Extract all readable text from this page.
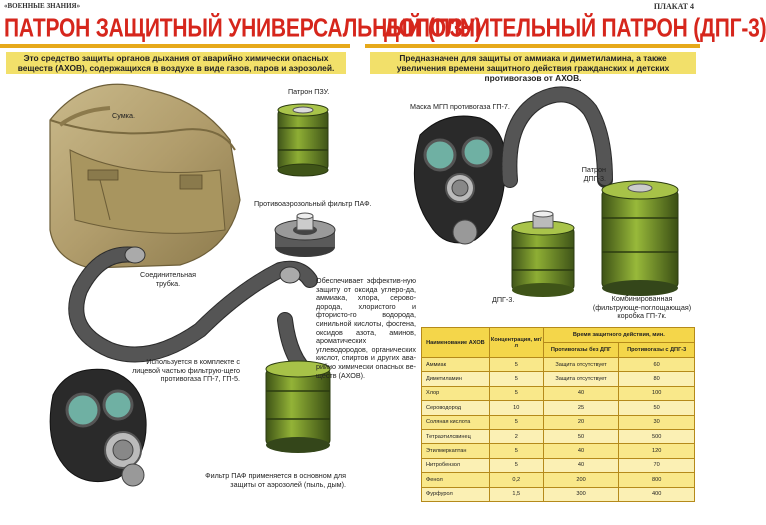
«ВОЕННЫЕ ЗНАНИЯ»	ПЛАКАТ 4
ПАТРОН ЗАЩИТНЫЙ УНИВЕРСАЛЬНЫЙ (ПЗУ)
ДОПОЛНИТЕЛЬНЫЙ ПАТРОН (ДПГ-3)
Это средство защиты органов дыхания от аварийно химически опасных веществ (АХОВ), содержащихся в воздухе в виде газов, паров и аэрозолей.
Предназначен для защиты от аммиака и диметиламина, а также увеличения времени защитного действия гражданских и детских противогазов от АХОВ.
Сумка.
Патрон ПЗУ.
Противоаэрозольный фильтр ПАФ.
Соединительная трубка.
Используется в комплекте с лицевой частью фильтрую-щего противогаза ГП-7, ГП-5.
Фильтр ПАФ применяется в основном для защиты от аэрозолей (пыль, дым).
Обеспечивает эффектив-ную защиту от оксида углеро-да, аммиака, хлора, серово-дорода, хлористого и фтористо-го водорода, синильной кислоты, фосгена, оксидов азота, аминов, ароматических углеводородов, органических кислот, спиртов и других ава-рийно химически опасных ве-ществ (АХОВ).
Маска МГП противогаза ГП-7.
Патрон ДПГ-3.
ДПГ-3.	Комбинированная (фильтрующе-поглощающая) коробка ГП-7к.
Наименование АХОВ	Концентрация, мг/л	Время защитного действия, мин.	
		Противогазы без ДПГ	Противогазы с ДПГ-3
Аммиак	5	Защита отсутствует	60
Диметиламин	5	Защита отсутствует	80
Хлор	5	40	100
Сероводород	10	25	50
Соляная кислота	5	20	30
Тетраэтилсвинец	2	50	500
Этилмеркаптан	5	40	120
Нитробензол	5	40	70
Фенол	0,2	200	800
Фурфурол	1,5	300	400
